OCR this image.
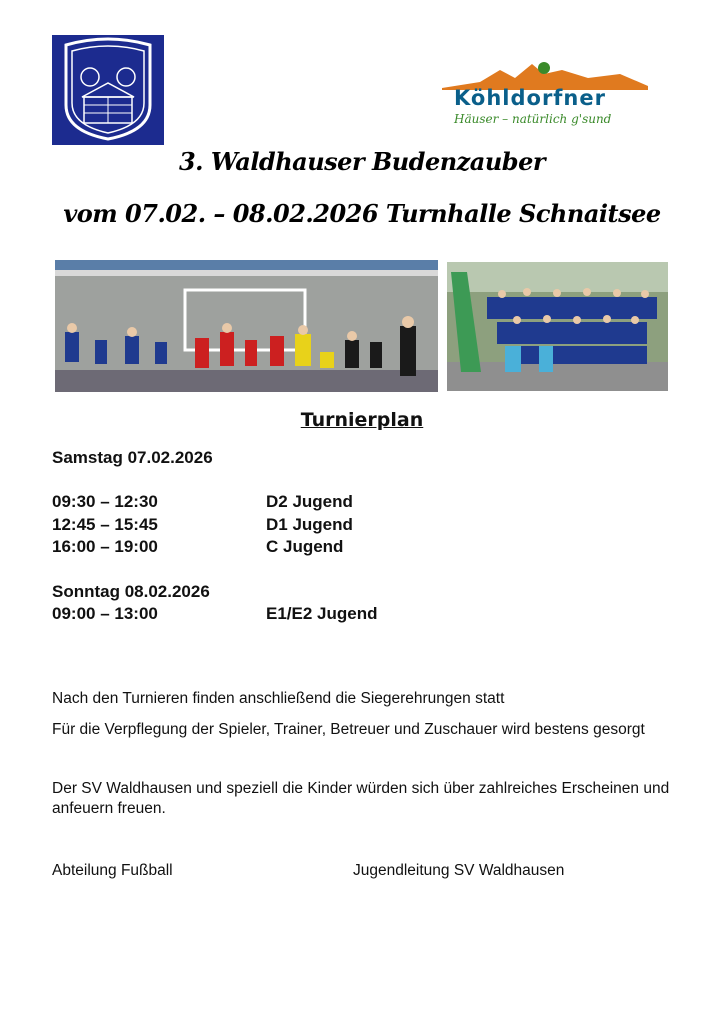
Köhldorfner
Häuser – natürlich g'sund
3. Waldhauser Budenzauber
vom 07.02. – 08.02.2026 Turnhalle Schnaitsee
Turnierplan
Samstag 07.02.2026
09:30 – 12:30	D2 Jugend
12:45 – 15:45	D1 Jugend
16:00 – 19:00	C Jugend
Sonntag 08.02.2026
09:00 – 13:00	E1/E2 Jugend
Nach den Turnieren finden anschließend die Siegerehrungen statt
Für die Verpflegung der Spieler, Trainer, Betreuer und Zuschauer wird bestens gesorgt
Der SV Waldhausen und speziell die Kinder würden sich über zahlreiches Erscheinen und anfeuern freuen.
Abteilung Fußball	Jugendleitung SV Waldhausen
